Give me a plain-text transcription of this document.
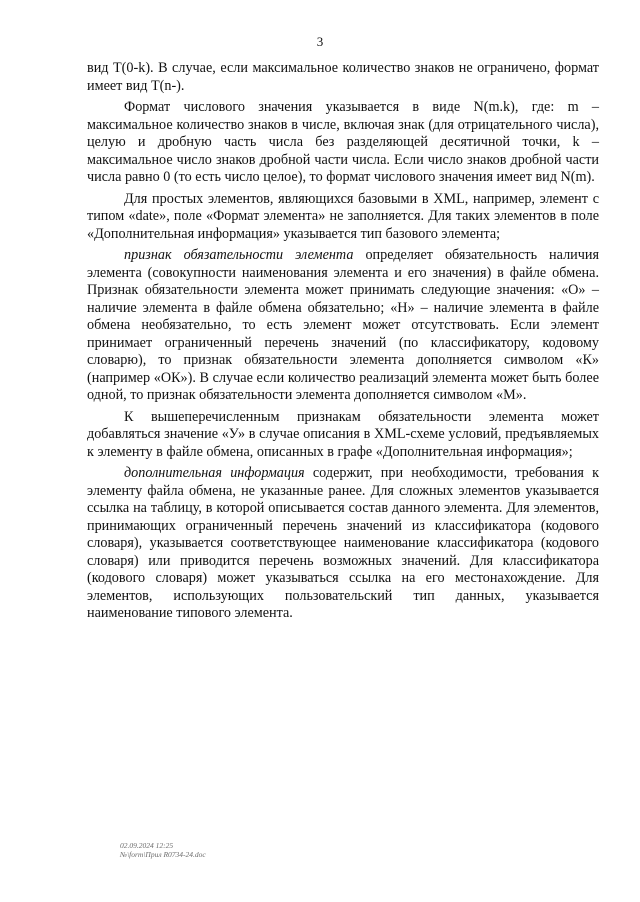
3

вид T(0-k). В случае, если максимальное количество знаков не ограничено, формат имеет вид T(n-).

Формат числового значения указывается в виде N(m.k), где: m – максимальное количество знаков в числе, включая знак (для отрицательного числа), целую и дробную часть числа без разделяющей десятичной точки, k – максимальное число знаков дробной части числа. Если число знаков дробной части числа равно 0 (то есть число целое), то формат числового значения имеет вид N(m).

Для простых элементов, являющихся базовыми в XML, например, элемент с типом «date», поле «Формат элемента» не заполняется. Для таких элементов в поле «Дополнительная информация» указывается тип базового элемента;

признак обязательности элемента определяет обязательность наличия элемента (совокупности наименования элемента и его значения) в файле обмена. Признак обязательности элемента может принимать следующие значения: «О» – наличие элемента в файле обмена обязательно; «Н» – наличие элемента в файле обмена необязательно, то есть элемент может отсутствовать. Если элемент принимает ограниченный перечень значений (по классификатору, кодовому словарю), то признак обязательности элемента дополняется символом «К» (например «ОК»). В случае если количество реализаций элемента может быть более одной, то признак обязательности элемента дополняется символом «М».

К вышеперечисленным признакам обязательности элемента может добавляться значение «У» в случае описания в XML-схеме условий, предъявляемых к элементу в файле обмена, описанных в графе «Дополнительная информация»;

дополнительная информация содержит, при необходимости, требования к элементу файла обмена, не указанные ранее. Для сложных элементов указывается ссылка на таблицу, в которой описывается состав данного элемента. Для элементов, принимающих ограниченный перечень значений из классификатора (кодового словаря), указывается соответствующее наименование классификатора (кодового словаря) или приводится перечень возможных значений. Для классификатора (кодового словаря) может указываться ссылка на его местонахождение. Для элементов, использующих пользовательский тип данных, указывается наименование типового элемента.

02.09.2024 12:25
№\form\Прил R0734-24.doc
